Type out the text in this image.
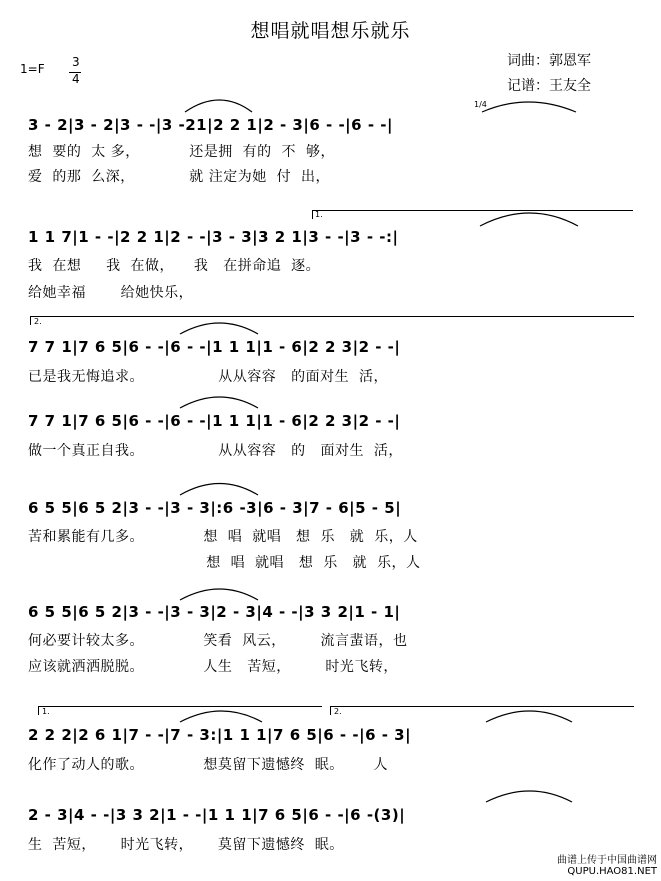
想唱就唱想乐就乐
词曲：郭恩军
记谱：王友全
1=F 3
4
3 - 2|3 - 2|3 - -|3 -21|2 2 1|2 - 3|6 - -|6 - -|
想  要的  太 多，          还是拥  有的  不  够，
爱  的那  么深，           就 注定为她  付  出，
1/4
1.
1 1 7|1 - -|2 2 1|2 - -|3 - 3|3 2 1|3 - -|3 - -:|
我  在想     我  在做，    我   在拼命追  逐。
给她幸福       给她快乐，
2.
7 7 1|7 6 5|6 - -|6 - -|1 1 1|1 - 6|2 2 3|2 - -|
已是我无悔追求。               从从容容   的面对生  活，
7 7 1|7 6 5|6 - -|6 - -|1 1 1|1 - 6|2 2 3|2 - -|
做一个真正自我。               从从容容   的   面对生  活，
6 5 5|6 5 2|3 - -|3 - 3|:6 -3|6 - 3|7 - 6|5 - 5|
苦和累能有几多。            想  唱  就唱   想  乐   就  乐，人
想  唱  就唱   想  乐   就  乐，人
6 5 5|6 5 2|3 - -|3 - 3|2 - 3|4 - -|3 3 2|1 - 1|
何必要计较太多。            笑看  风云，       流言蜚语，也
应该就洒洒脱脱。            人生   苦短，       时光飞转，
1.	2.
2 2 2|2 6 1|7 - -|7 - 3:|1 1 1|7 6 5|6 - -|6 - 3|
化作了动人的歌。            想莫留下遗憾终  眠。      人
2 - 3|4 - -|3 3 2|1 - -|1 1 1|7 6 5|6 - -|6 -(3)|
生  苦短，     时光飞转，     莫留下遗憾终  眠。
曲谱上传于中国曲谱网
QUPU.HAO81.NET
